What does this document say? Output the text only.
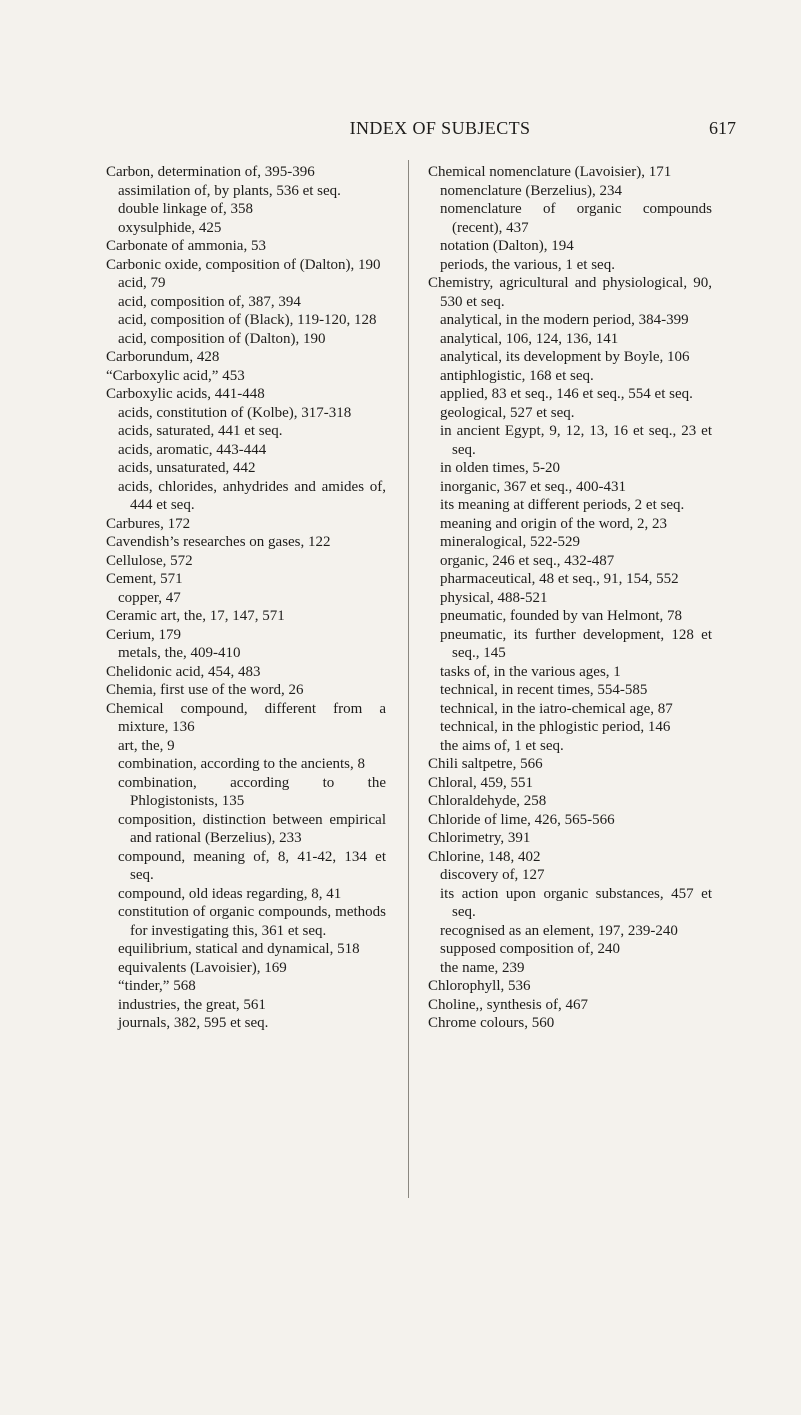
INDEX OF SUBJECTS	617

Carbon, determination of, 395-396

assimilation of, by plants, 536 et seq.

double linkage of, 358

oxysulphide, 425

Carbonate of ammonia, 53

Carbonic oxide, composition of (Dalton), 190

acid, 79

acid, composition of, 387, 394

acid, composition of (Black), 119-120, 128

acid, composition of (Dalton), 190

Carborundum, 428

“Carboxylic acid,” 453

Carboxylic acids, 441-448

acids, constitution of (Kolbe), 317-318

acids, saturated, 441 et seq.

acids, aromatic, 443-444

acids, unsaturated, 442

acids, chlorides, anhydrides and amides of, 444 et seq.

Carbures, 172

Cavendish’s researches on gases, 122

Cellulose, 572

Cement, 571

copper, 47

Ceramic art, the, 17, 147, 571

Cerium, 179

metals, the, 409-410

Chelidonic acid, 454, 483

Chemia, first use of the word, 26

Chemical compound, different from a mixture, 136

art, the, 9

combination, according to the ancients, 8

combination, according to the Phlogistonists, 135

composition, distinction between empirical and rational (Berzelius), 233

compound, meaning of, 8, 41-42, 134 et seq.

compound, old ideas regarding, 8, 41

constitution of organic compounds, methods for investigating this, 361 et seq.

equilibrium, statical and dynamical, 518

equivalents (Lavoisier), 169

“tinder,” 568

industries, the great, 561

journals, 382, 595 et seq.

Chemical nomenclature (Lavoisier), 171

nomenclature (Berzelius), 234

nomenclature of organic compounds (recent), 437

notation (Dalton), 194

periods, the various, 1 et seq.

Chemistry, agricultural and physiological, 90, 530 et seq.

analytical, in the modern period, 384-399

analytical, 106, 124, 136, 141

analytical, its development by Boyle, 106

antiphlogistic, 168 et seq.

applied, 83 et seq., 146 et seq., 554 et seq.

geological, 527 et seq.

in ancient Egypt, 9, 12, 13, 16 et seq., 23 et seq.

in olden times, 5-20

inorganic, 367 et seq., 400-431

its meaning at different periods, 2 et seq.

meaning and origin of the word, 2, 23

mineralogical, 522-529

organic, 246 et seq., 432-487

pharmaceutical, 48 et seq., 91, 154, 552

physical, 488-521

pneumatic, founded by van Helmont, 78

pneumatic, its further development, 128 et seq., 145

tasks of, in the various ages, 1

technical, in recent times, 554-585

technical, in the iatro-chemical age, 87

technical, in the phlogistic period, 146

the aims of, 1 et seq.

Chili saltpetre, 566

Chloral, 459, 551

Chloraldehyde, 258

Chloride of lime, 426, 565-566

Chlorimetry, 391

Chlorine, 148, 402

discovery of, 127

its action upon organic substances, 457 et seq.

recognised as an element, 197, 239-240

supposed composition of, 240

the name, 239

Chlorophyll, 536

Choline,, synthesis of, 467

Chrome colours, 560
